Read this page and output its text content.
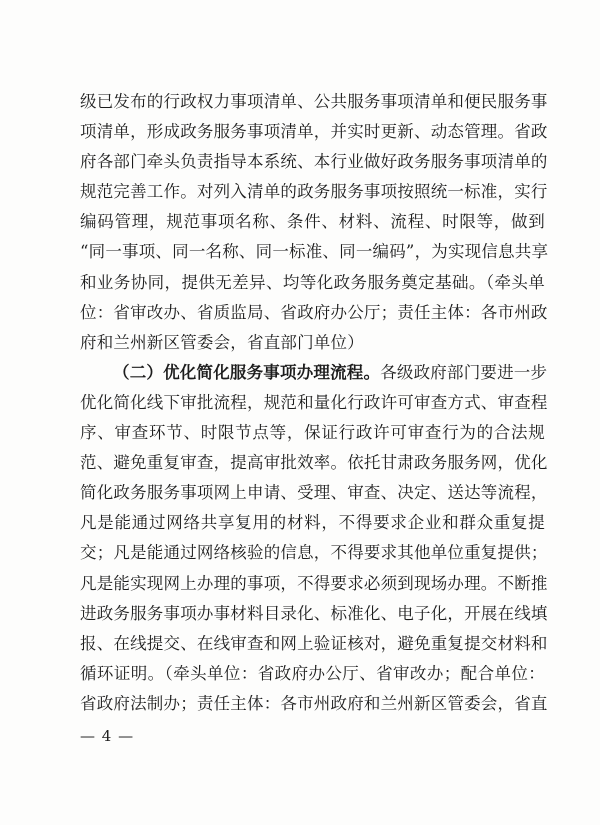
级已发布的行政权力事项清单、公共服务事项清单和便民服务事
项清单，形成政务服务事项清单，并实时更新、动态管理。省政
府各部门牵头负责指导本系统、本行业做好政务服务事项清单的
规范完善工作。对列入清单的政务服务事项按照统一标准，实行
编码管理，规范事项名称、条件、材料、流程、时限等，做到
“同一事项、同一名称、同一标准、同一编码”，为实现信息共享
和业务协同，提供无差异、均等化政务服务奠定基础。（牵头单
位：省审改办、省质监局、省政府办公厅；责任主体：各市州政
府和兰州新区管委会，省直部门单位）
（二）优化简化服务事项办理流程。各级政府部门要进一步
优化简化线下审批流程，规范和量化行政许可审查方式、审查程
序、审查环节、时限节点等，保证行政许可审查行为的合法规
范、避免重复审查，提高审批效率。依托甘肃政务服务网，优化
简化政务服务事项网上申请、受理、审查、决定、送达等流程，
凡是能通过网络共享复用的材料，不得要求企业和群众重复提
交；凡是能通过网络核验的信息，不得要求其他单位重复提供；
凡是能实现网上办理的事项，不得要求必须到现场办理。不断推
进政务服务事项办事材料目录化、标准化、电子化，开展在线填
报、在线提交、在线审查和网上验证核对，避免重复提交材料和
循环证明。（牵头单位：省政府办公厅、省审改办；配合单位：
省政府法制办；责任主体：各市州政府和兰州新区管委会，省直
— 4 —
